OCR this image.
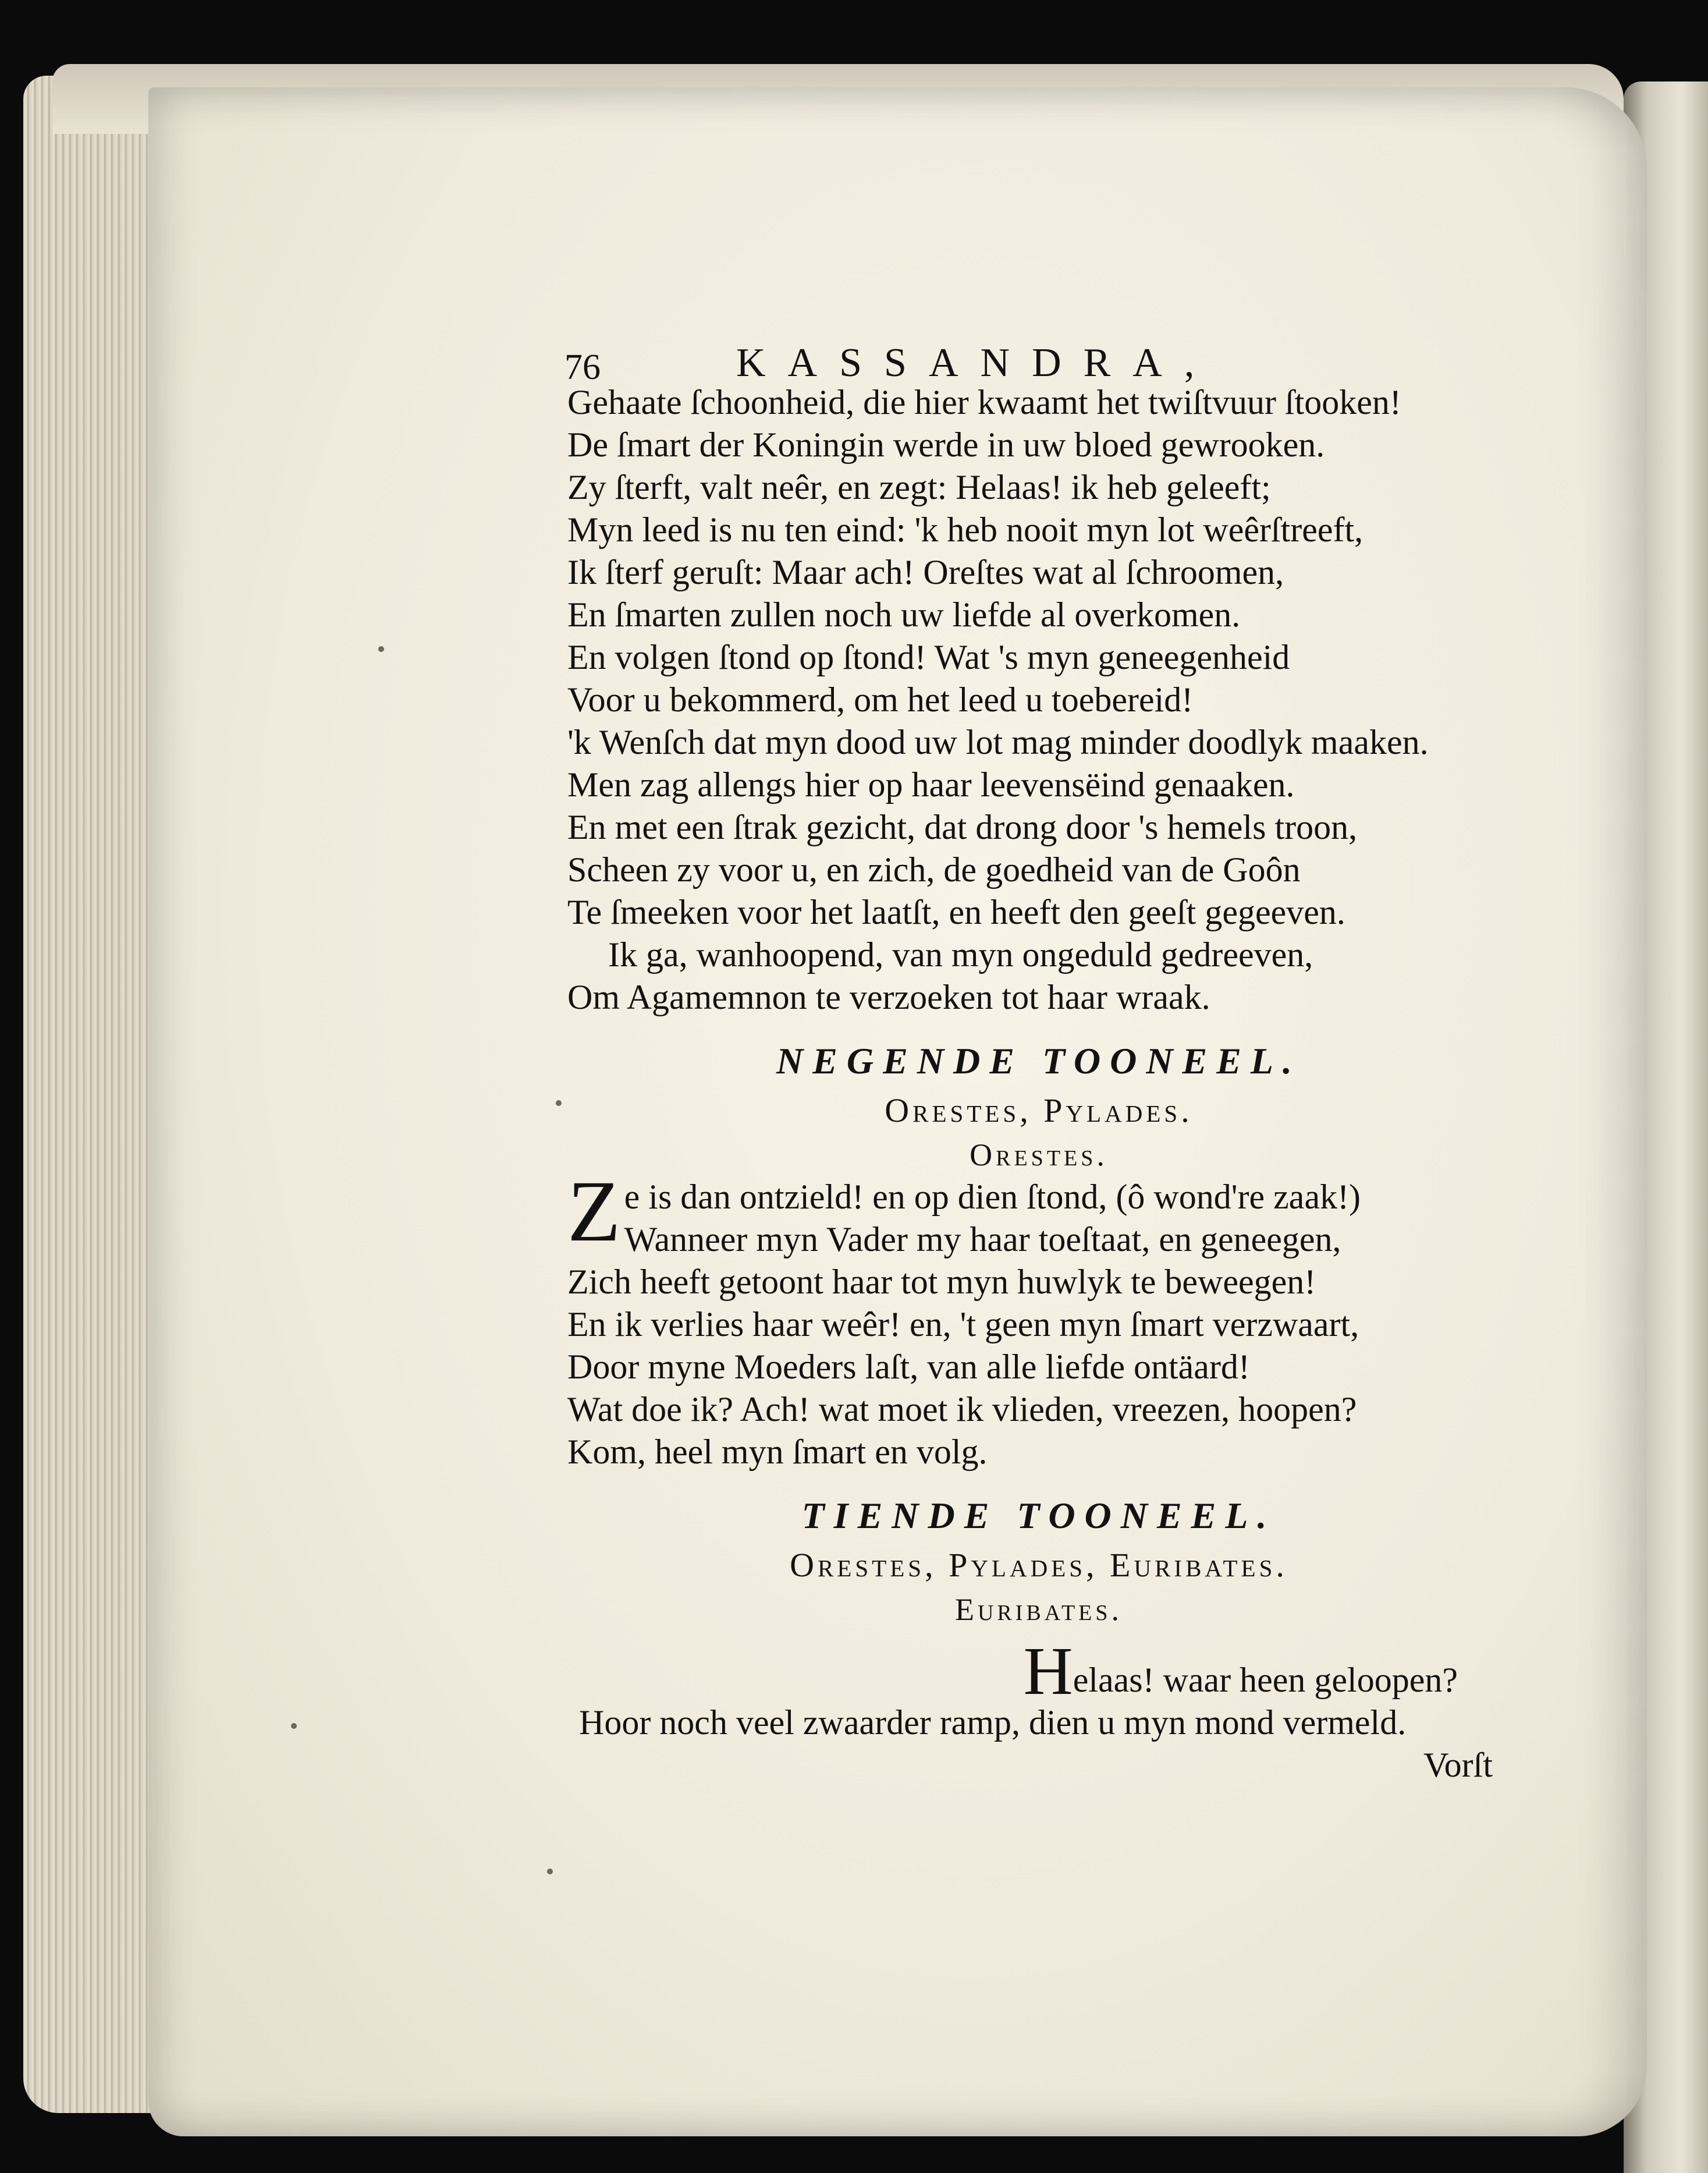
76	KASSANDRA,
Gehaate ſchoonheid, die hier kwaamt het twiſtvuur ſtooken!
De ſmart der Koningin werde in uw bloed gewrooken.
Zy ſterft, valt neêr, en zegt: Helaas! ik heb geleeft;
Myn leed is nu ten eind: 'k heb nooit myn lot weêrſtreeft,
Ik ſterf geruſt: Maar ach! Oreſtes wat al ſchroomen,
En ſmarten zullen noch uw liefde al overkomen.
En volgen ſtond op ſtond! Wat 's myn geneegenheid
Voor u bekommerd, om het leed u toebereid!
'k Wenſch dat myn dood uw lot mag minder doodlyk maaken.
Men zag allengs hier op haar leevensëind genaaken.
En met een ſtrak gezicht, dat drong door 's hemels troon,
Scheen zy voor u, en zich, de goedheid van de Goôn
Te ſmeeken voor het laatſt, en heeft den geeſt gegeeven.
Ik ga, wanhoopend, van myn ongeduld gedreeven,
Om Agamemnon te verzoeken tot haar wraak.
NEGENDE TOONEEL.
Orestes, Pylades.
Orestes.
Ze is dan ontzield! en op dien ſtond, (ô wond're zaak!)
Wanneer myn Vader my haar toeſtaat, en geneegen,
Zich heeft getoont haar tot myn huwlyk te beweegen!
En ik verlies haar weêr! en, 't geen myn ſmart verzwaart,
Door myne Moeders laſt, van alle liefde ontäard!
Wat doe ik? Ach! wat moet ik vlieden, vreezen, hoopen?
Kom, heel myn ſmart en volg.
TIENDE TOONEEL.
Orestes, Pylades, Euribates.
Euribates.
Helaas! waar heen geloopen?
Hoor noch veel zwaarder ramp, dien u myn mond vermeld.
Vorſt
